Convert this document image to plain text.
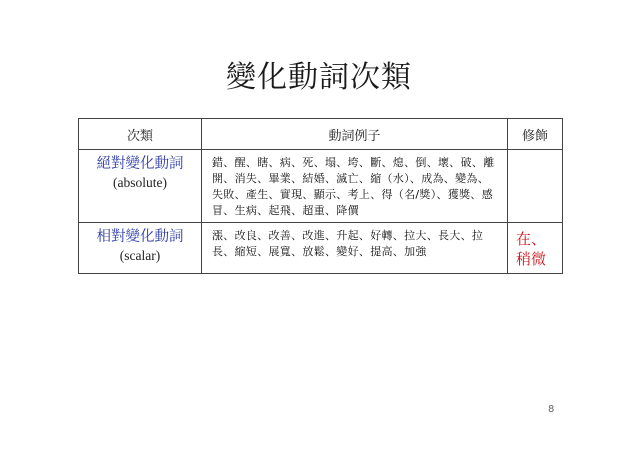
變化動詞次類
次類	動詞例子	修飾

絕對變化動詞
(absolute)	錯、醒、瞎、病、死、塌、垮、斷、熄、倒、壞、破、離開、消失、畢業、結婚、滅亡、縮（水）、成為、變為、失敗、產生、實現、顯示、考上、得（名/獎）、獲獎、感冒、生病、起飛、超重、降價	

相對變化動詞
(scalar)	漲、改良、改善、改進、升起、好轉、拉大、長大、拉長、縮短、展寬、放鬆、變好、提高、加強	在、稍微
8
